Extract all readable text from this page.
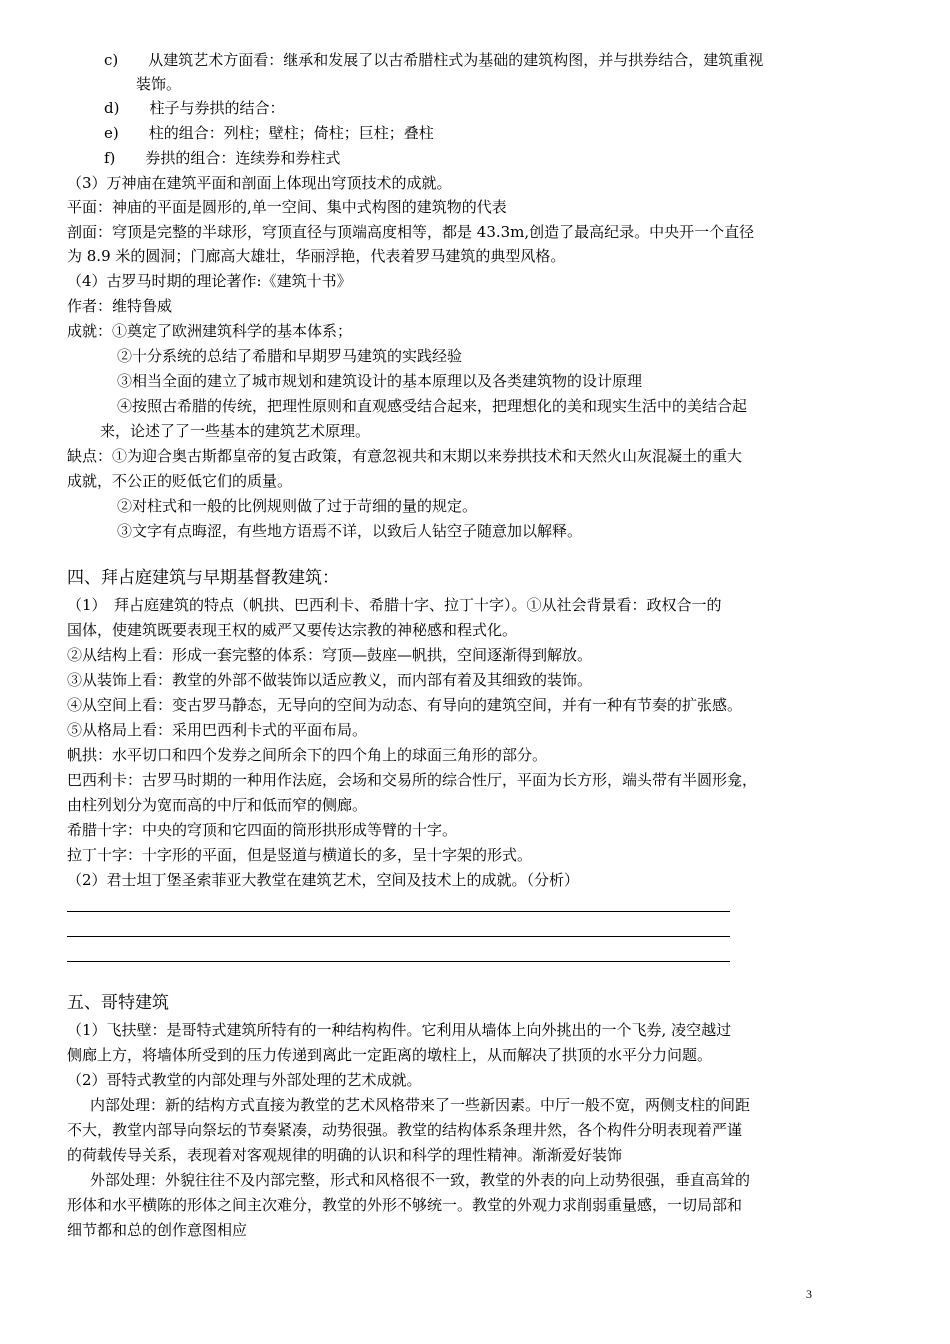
c)　　从建筑艺术方面看：继承和发展了以古希腊柱式为基础的建筑构图，并与拱券结合，建筑重视
装饰。
d)　　柱子与券拱的结合：
e)　　柱的组合：列柱；壁柱；倚柱；巨柱；叠柱
f)　　券拱的组合：连续券和券柱式
（3）万神庙在建筑平面和剖面上体现出穹顶技术的成就。
平面：神庙的平面是圆形的,单一空间、集中式构图的建筑物的代表
剖面：穹顶是完整的半球形，穹顶直径与顶端高度相等，都是 43.3m,创造了最高纪录。中央开一个直径
为 8.9 米的圆洞；门廊高大雄壮，华丽浮艳，代表着罗马建筑的典型风格。
（4）古罗马时期的理论著作:《建筑十书》
作者：维特鲁威
成就：①奠定了欧洲建筑科学的基本体系；
②十分系统的总结了希腊和早期罗马建筑的实践经验
③相当全面的建立了城市规划和建筑设计的基本原理以及各类建筑物的设计原理
④按照古希腊的传统，把理性原则和直观感受结合起来，把理想化的美和现实生活中的美结合起
来，论述了了一些基本的建筑艺术原理。
缺点：①为迎合奥古斯都皇帝的复古政策，有意忽视共和末期以来券拱技术和天然火山灰混凝土的重大
成就，不公正的贬低它们的质量。
②对柱式和一般的比例规则做了过于苛细的量的规定。
③文字有点晦涩，有些地方语焉不详，以致后人钻空子随意加以解释。
四、拜占庭建筑与早期基督教建筑：
（1）　拜占庭建筑的特点（帆拱、巴西利卡、希腊十字、拉丁十字）。①从社会背景看：政权合一的
国体，使建筑既要表现王权的威严又要传达宗教的神秘感和程式化。
②从结构上看：形成一套完整的体系：穹顶—鼓座—帆拱，空间逐渐得到解放。
③从装饰上看：教堂的外部不做装饰以适应教义，而内部有着及其细致的装饰。
④从空间上看：变古罗马静态，无导向的空间为动态、有导向的建筑空间，并有一种有节奏的扩张感。
⑤从格局上看：采用巴西利卡式的平面布局。
帆拱：水平切口和四个发券之间所余下的四个角上的球面三角形的部分。
巴西利卡：古罗马时期的一种用作法庭，会场和交易所的综合性厅，平面为长方形，端头带有半圆形龛，
由柱列划分为宽而高的中厅和低而窄的侧廊。
希腊十字：中央的穹顶和它四面的筒形拱形成等臂的十字。
拉丁十字：十字形的平面，但是竖道与横道长的多，呈十字架的形式。
（2）君士坦丁堡圣索菲亚大教堂在建筑艺术，空间及技术上的成就。（分析）
五、哥特建筑
（1）飞扶壁：是哥特式建筑所特有的一种结构构件。它利用从墙体上向外挑出的一个飞券, 凌空越过
侧廊上方，将墙体所受到的压力传递到离此一定距离的墩柱上，从而解决了拱顶的水平分力问题。
（2）哥特式教堂的内部处理与外部处理的艺术成就。
内部处理：新的结构方式直接为教堂的艺术风格带来了一些新因素。中厅一般不宽，两侧支柱的间距
不大，教堂内部导向祭坛的节奏紧凑，动势很强。教堂的结构体系条理井然，各个构件分明表现着严谨
的荷载传导关系，表现着对客观规律的明确的认识和科学的理性精神。渐渐爱好装饰
外部处理：外貌往往不及内部完整，形式和风格很不一致，教堂的外表的向上动势很强，垂直高耸的
形体和水平横陈的形体之间主次难分，教堂的外形不够统一。教堂的外观力求削弱重量感，一切局部和
细节都和总的创作意图相应
3
